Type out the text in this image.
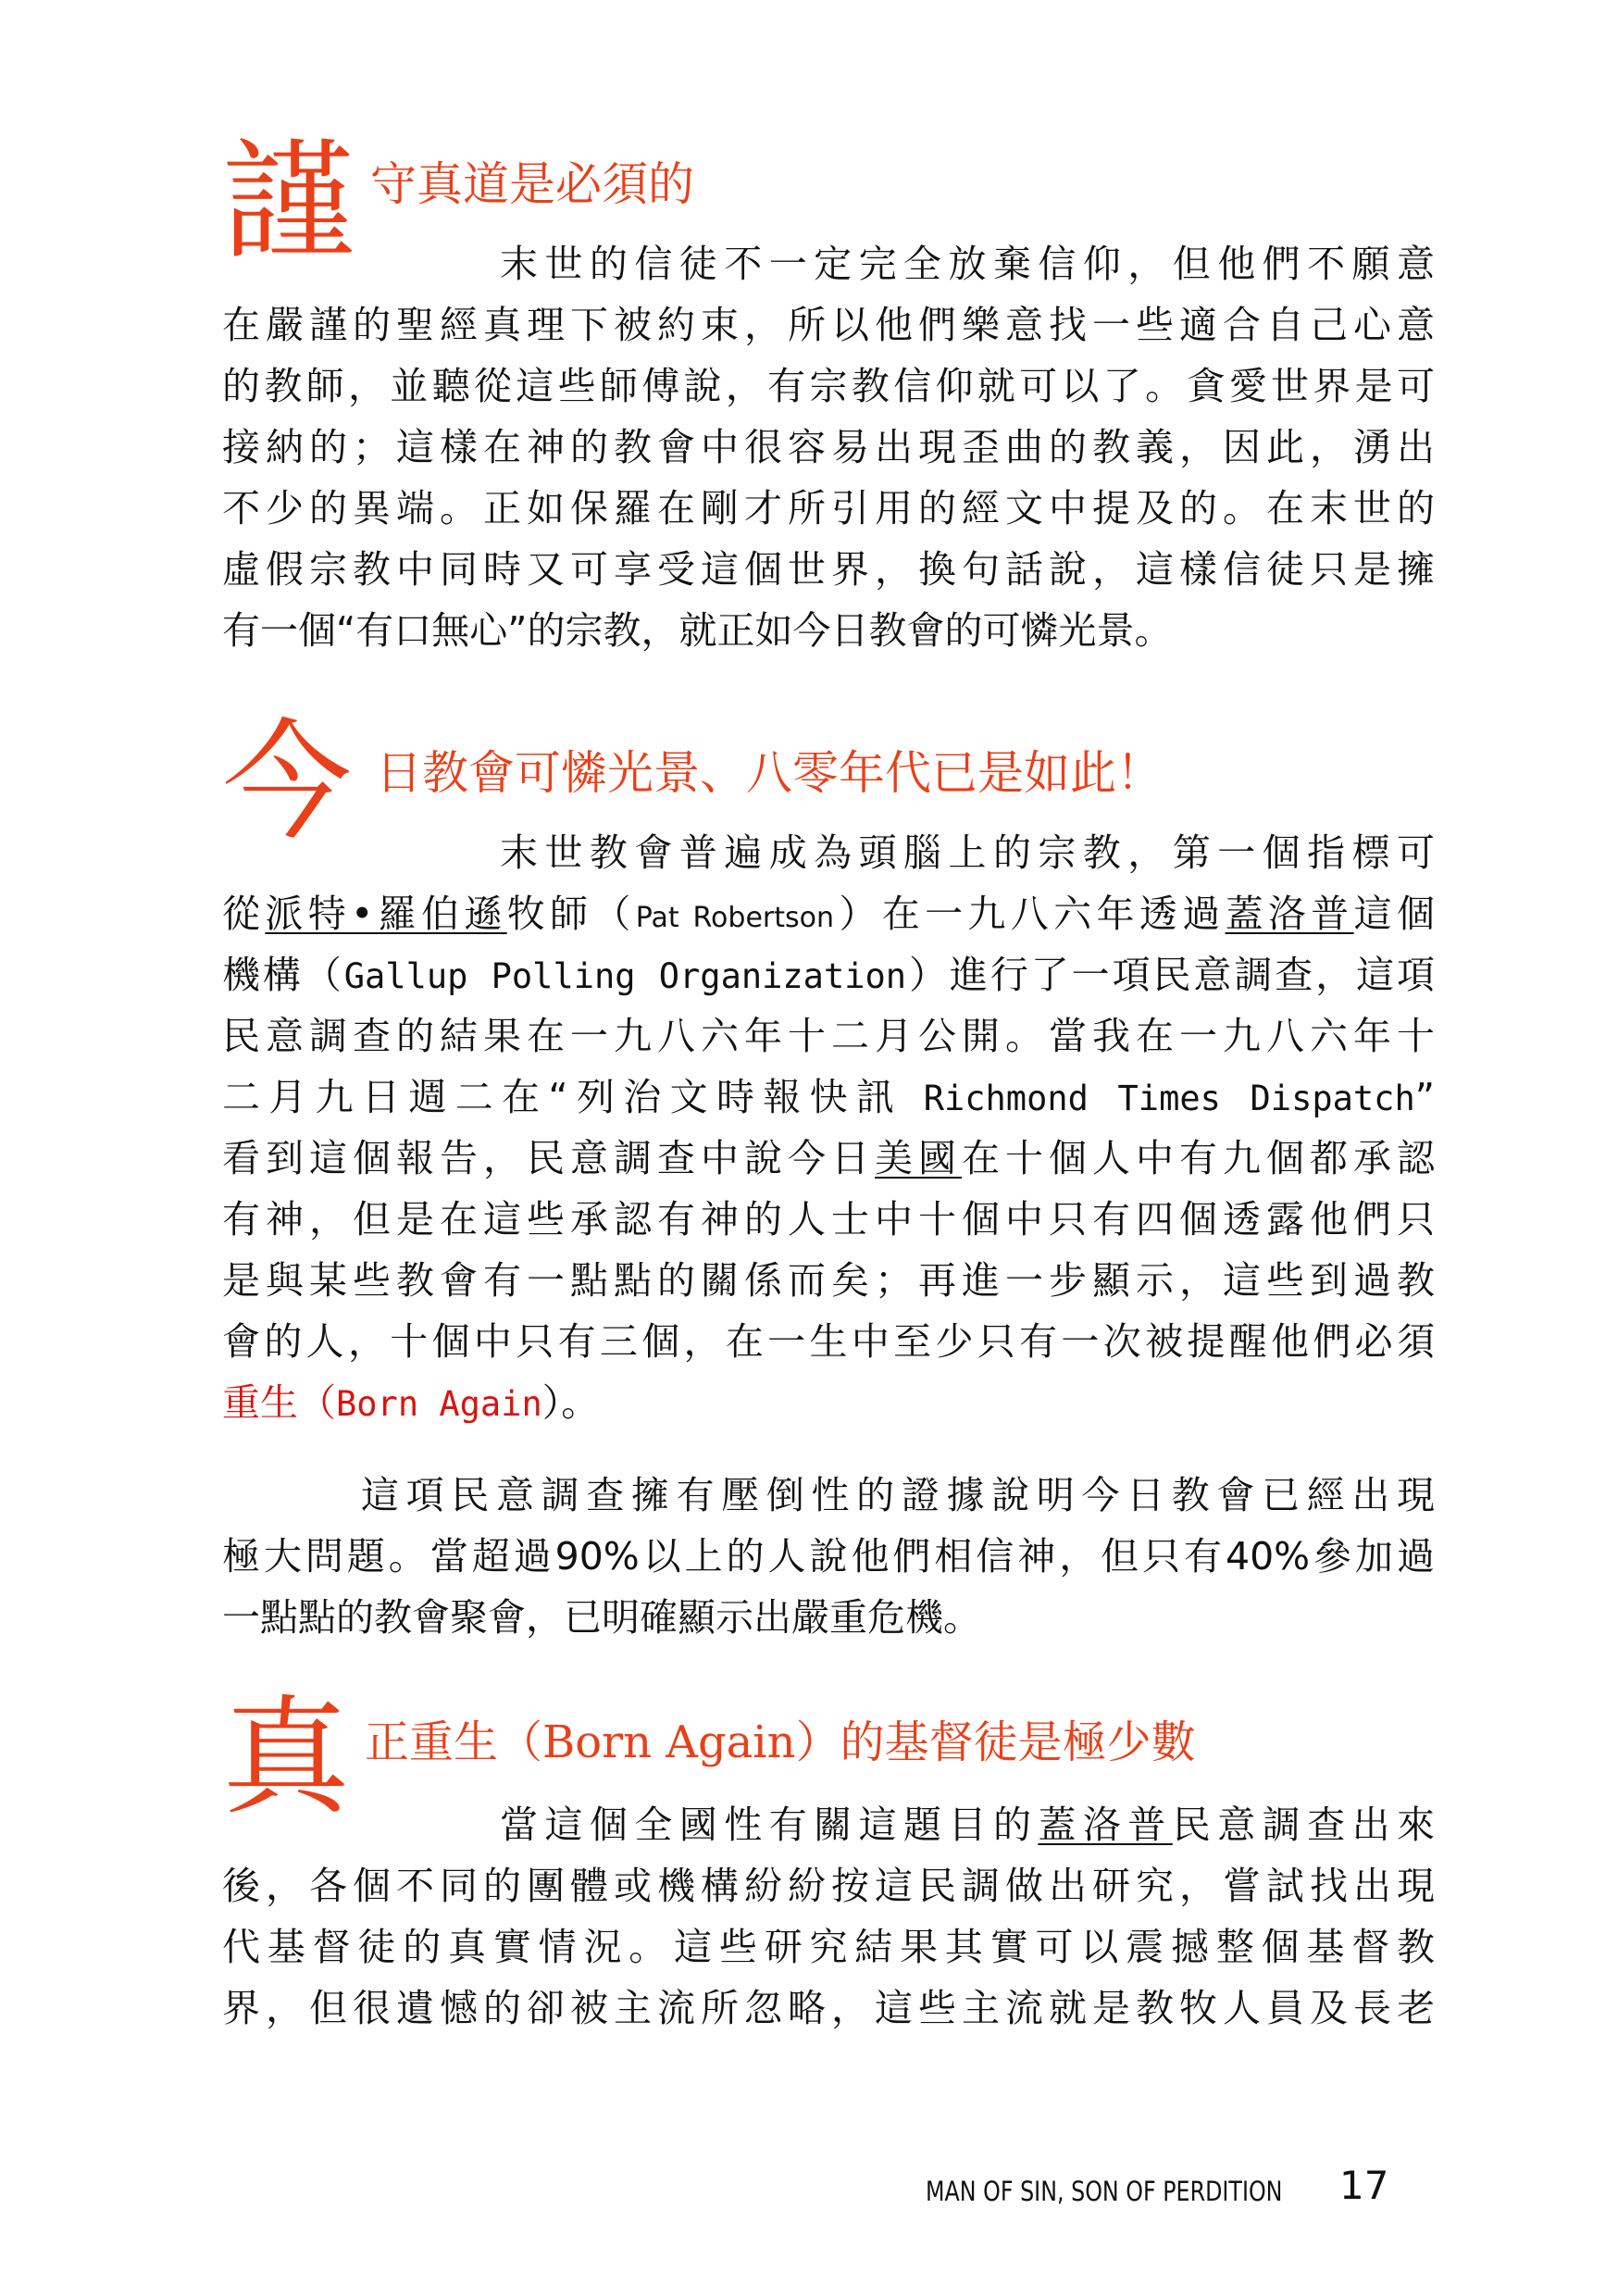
謹 守真道是必須的
末世的信徒不一定完全放棄信仰，但他們不願意
在嚴謹的聖經真理下被約束，所以他們樂意找一些適合自己心意
的教師，並聽從這些師傅說，有宗教信仰就可以了。貪愛世界是可
接納的；這樣在神的教會中很容易出現歪曲的教義，因此，湧出
不少的異端。正如保羅在剛才所引用的經文中提及的。在末世的
虛假宗教中同時又可享受這個世界，換句話說，這樣信徒只是擁
有一個“有口無心”的宗教，就正如今日教會的可憐光景。
今 日教會可憐光景、八零年代已是如此！
末世教會普遍成為頭腦上的宗教，第一個指標可
從派特•羅伯遜牧師（Pat Robertson）在一九八六年透過蓋洛普這個
機構（Gallup Polling Organization）進行了一項民意調查，這項
民意調查的結果在一九八六年十二月公開。當我在一九八六年十
二月九日週二在“列治文時報快訊 Richmond Times Dispatch”
看到這個報告，民意調查中說今日美國在十個人中有九個都承認
有神，但是在這些承認有神的人士中十個中只有四個透露他們只
是與某些教會有一點點的關係而矣；再進一步顯示，這些到過教
會的人，十個中只有三個，在一生中至少只有一次被提醒他們必須
重生（Born Again）。
這項民意調查擁有壓倒性的證據說明今日教會已經出現
極大問題。當超過90%以上的人說他們相信神，但只有40%參加過
一點點的教會聚會，已明確顯示出嚴重危機。
真 正重生（Born Again）的基督徒是極少數
當這個全國性有關這題目的蓋洛普民意調查出來
後，各個不同的團體或機構紛紛按這民調做出研究，嘗試找出現
代基督徒的真實情況。這些研究結果其實可以震撼整個基督教
界，但很遺憾的卻被主流所忽略，這些主流就是教牧人員及長老
MAN OF SIN, SON OF PERDITION 17
